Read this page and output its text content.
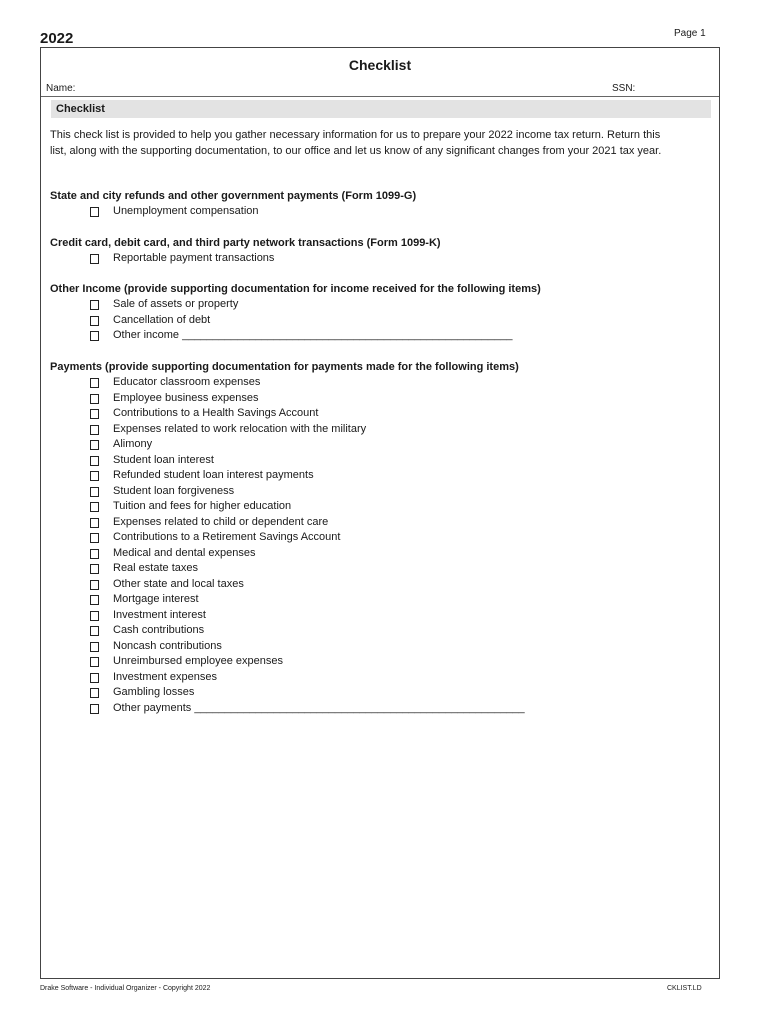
2022	Page 1
Checklist
Name:	SSN:
Checklist
This check list is provided to help you gather necessary information for us to prepare your 2022 income tax return. Return this list, along with the supporting documentation, to our office and let us know of any significant changes from your 2021 tax year.
State and city refunds and other government payments (Form 1099-G)
Unemployment compensation
Credit card, debit card, and third party network transactions (Form 1099-K)
Reportable payment transactions
Other Income (provide supporting documentation for income received for the following items)
Sale of assets or property
Cancellation of debt
Other income ______________________________________________________
Payments (provide supporting documentation for payments made for the following items)
Educator classroom expenses
Employee business expenses
Contributions to a Health Savings Account
Expenses related to work relocation with the military
Alimony
Student loan interest
Refunded student loan interest payments
Student loan forgiveness
Tuition and fees for higher education
Expenses related to child or dependent care
Contributions to a Retirement Savings Account
Medical and dental expenses
Real estate taxes
Other state and local taxes
Mortgage interest
Investment interest
Cash contributions
Noncash contributions
Unreimbursed employee expenses
Investment expenses
Gambling losses
Other payments ______________________________________________________
Drake Software - Individual Organizer - Copyright 2022	CKLIST.LD
